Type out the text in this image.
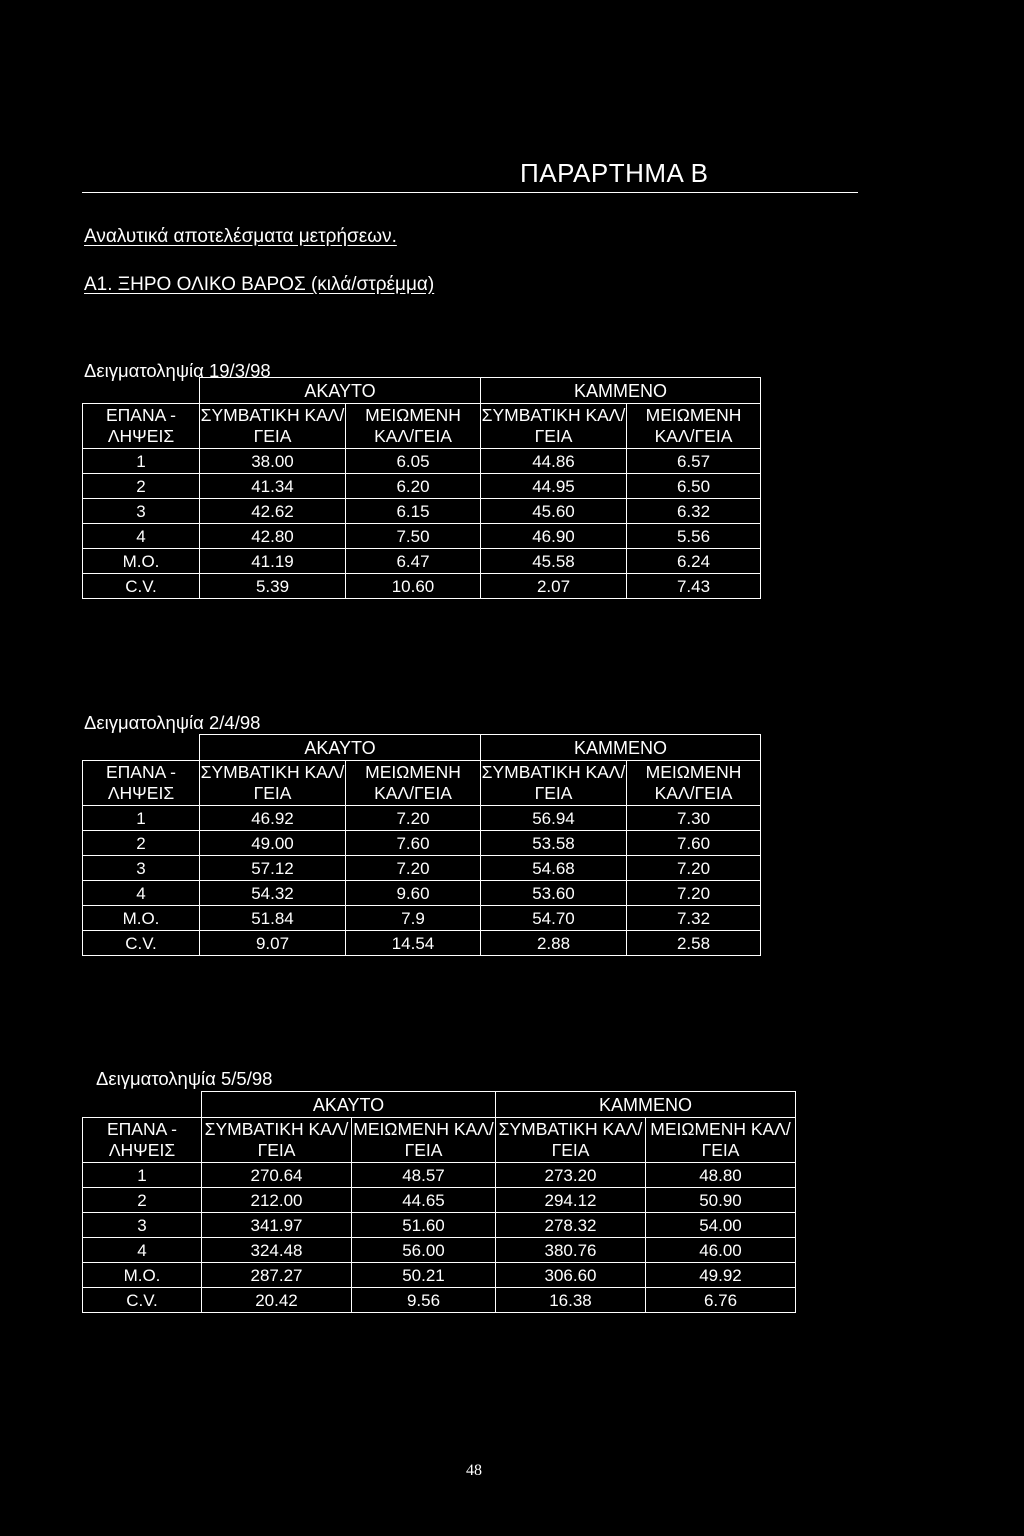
ΠΑΡΑΡΤΗΜΑ Β
Αναλυτικά αποτελέσματα μετρήσεων.
Α1. ΞΗΡΟ ΟΛΙΚΟ ΒΑΡΟΣ (κιλά/στρέμμα)
Δειγματοληψία 19/3/98
	ΑΚΑΥΤΟ		ΚΑΜΜΕΝΟ	
ΕΠΑΝΑ - ΛΗΨΕΙΣ	ΣΥΜΒΑΤΙΚΗ ΚΑΛ/ΓΕΙΑ	ΜΕΙΩΜΕΝΗ ΚΑΛ/ΓΕΙΑ	ΣΥΜΒΑΤΙΚΗ ΚΑΛ/ΓΕΙΑ	ΜΕΙΩΜΕΝΗ ΚΑΛ/ΓΕΙΑ
1	38.00	6.05	44.86	6.57
2	41.34	6.20	44.95	6.50
3	42.62	6.15	45.60	6.32
4	42.80	7.50	46.90	5.56
M.O.	41.19	6.47	45.58	6.24
C.V.	5.39	10.60	2.07	7.43
Δειγματοληψία 2/4/98
	ΑΚΑΥΤΟ		ΚΑΜΜΕΝΟ	
ΕΠΑΝΑ - ΛΗΨΕΙΣ	ΣΥΜΒΑΤΙΚΗ ΚΑΛ/ΓΕΙΑ	ΜΕΙΩΜΕΝΗ ΚΑΛ/ΓΕΙΑ	ΣΥΜΒΑΤΙΚΗ ΚΑΛ/ΓΕΙΑ	ΜΕΙΩΜΕΝΗ ΚΑΛ/ΓΕΙΑ
1	46.92	7.20	56.94	7.30
2	49.00	7.60	53.58	7.60
3	57.12	7.20	54.68	7.20
4	54.32	9.60	53.60	7.20
M.O.	51.84	7.9	54.70	7.32
C.V.	9.07	14.54	2.88	2.58
Δειγματοληψία 5/5/98
	ΑΚΑΥΤΟ		ΚΑΜΜΕΝΟ	
ΕΠΑΝΑ - ΛΗΨΕΙΣ	ΣΥΜΒΑΤΙΚΗ ΚΑΛ/ΓΕΙΑ	ΜΕΙΩΜΕΝΗ ΚΑΛ/ΓΕΙΑ	ΣΥΜΒΑΤΙΚΗ ΚΑΛ/ΓΕΙΑ	ΜΕΙΩΜΕΝΗ ΚΑΛ/ΓΕΙΑ
1	270.64	48.57	273.20	48.80
2	212.00	44.65	294.12	50.90
3	341.97	51.60	278.32	54.00
4	324.48	56.00	380.76	46.00
M.O.	287.27	50.21	306.60	49.92
C.V.	20.42	9.56	16.38	6.76
48
